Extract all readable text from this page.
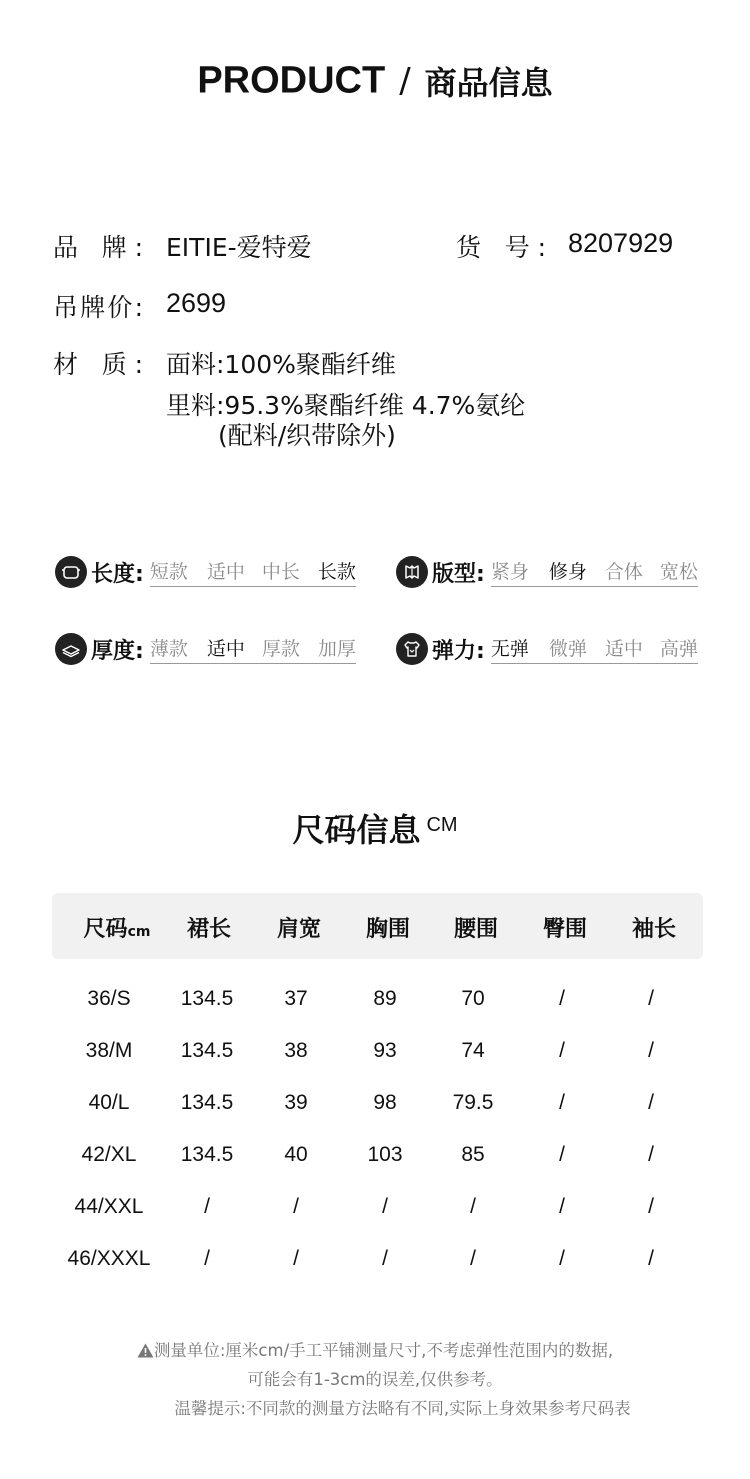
PRODUCT / 商品信息
品 牌: EITIE-爱特爱	货 号: 8207929
吊牌价: 2699
材 质: 面料:100%聚酯纤维
里料:95.3%聚酯纤维 4.7%氨纶
(配料/织带除外)
长度: 短款 适中 中长 长款	版型: 紧身 修身 合体 宽松
厚度: 薄款 适中 厚款 加厚	弹力: 无弹 微弹 适中 高弹
尺码信息 CM
尺码cm 裙长 肩宽 胸围 腰围 臀围 袖长
36/S 134.5 37	89	70	/	/
38/M 134.5 38	93	74	/	/
40/L 134.5 39	98	79.5	/	/
42/XL 134.5 40	103	85	/	/
44/XXL	/	/	/	/	/	/
46/XXXL	/	/	/	/	/	/
测量单位:厘米cm/手工平铺测量尺寸,不考虑弹性范围内的数据,
可能会有1-3cm的误差,仅供参考。
温馨提示:不同款的测量方法略有不同,实际上身效果参考尺码表
